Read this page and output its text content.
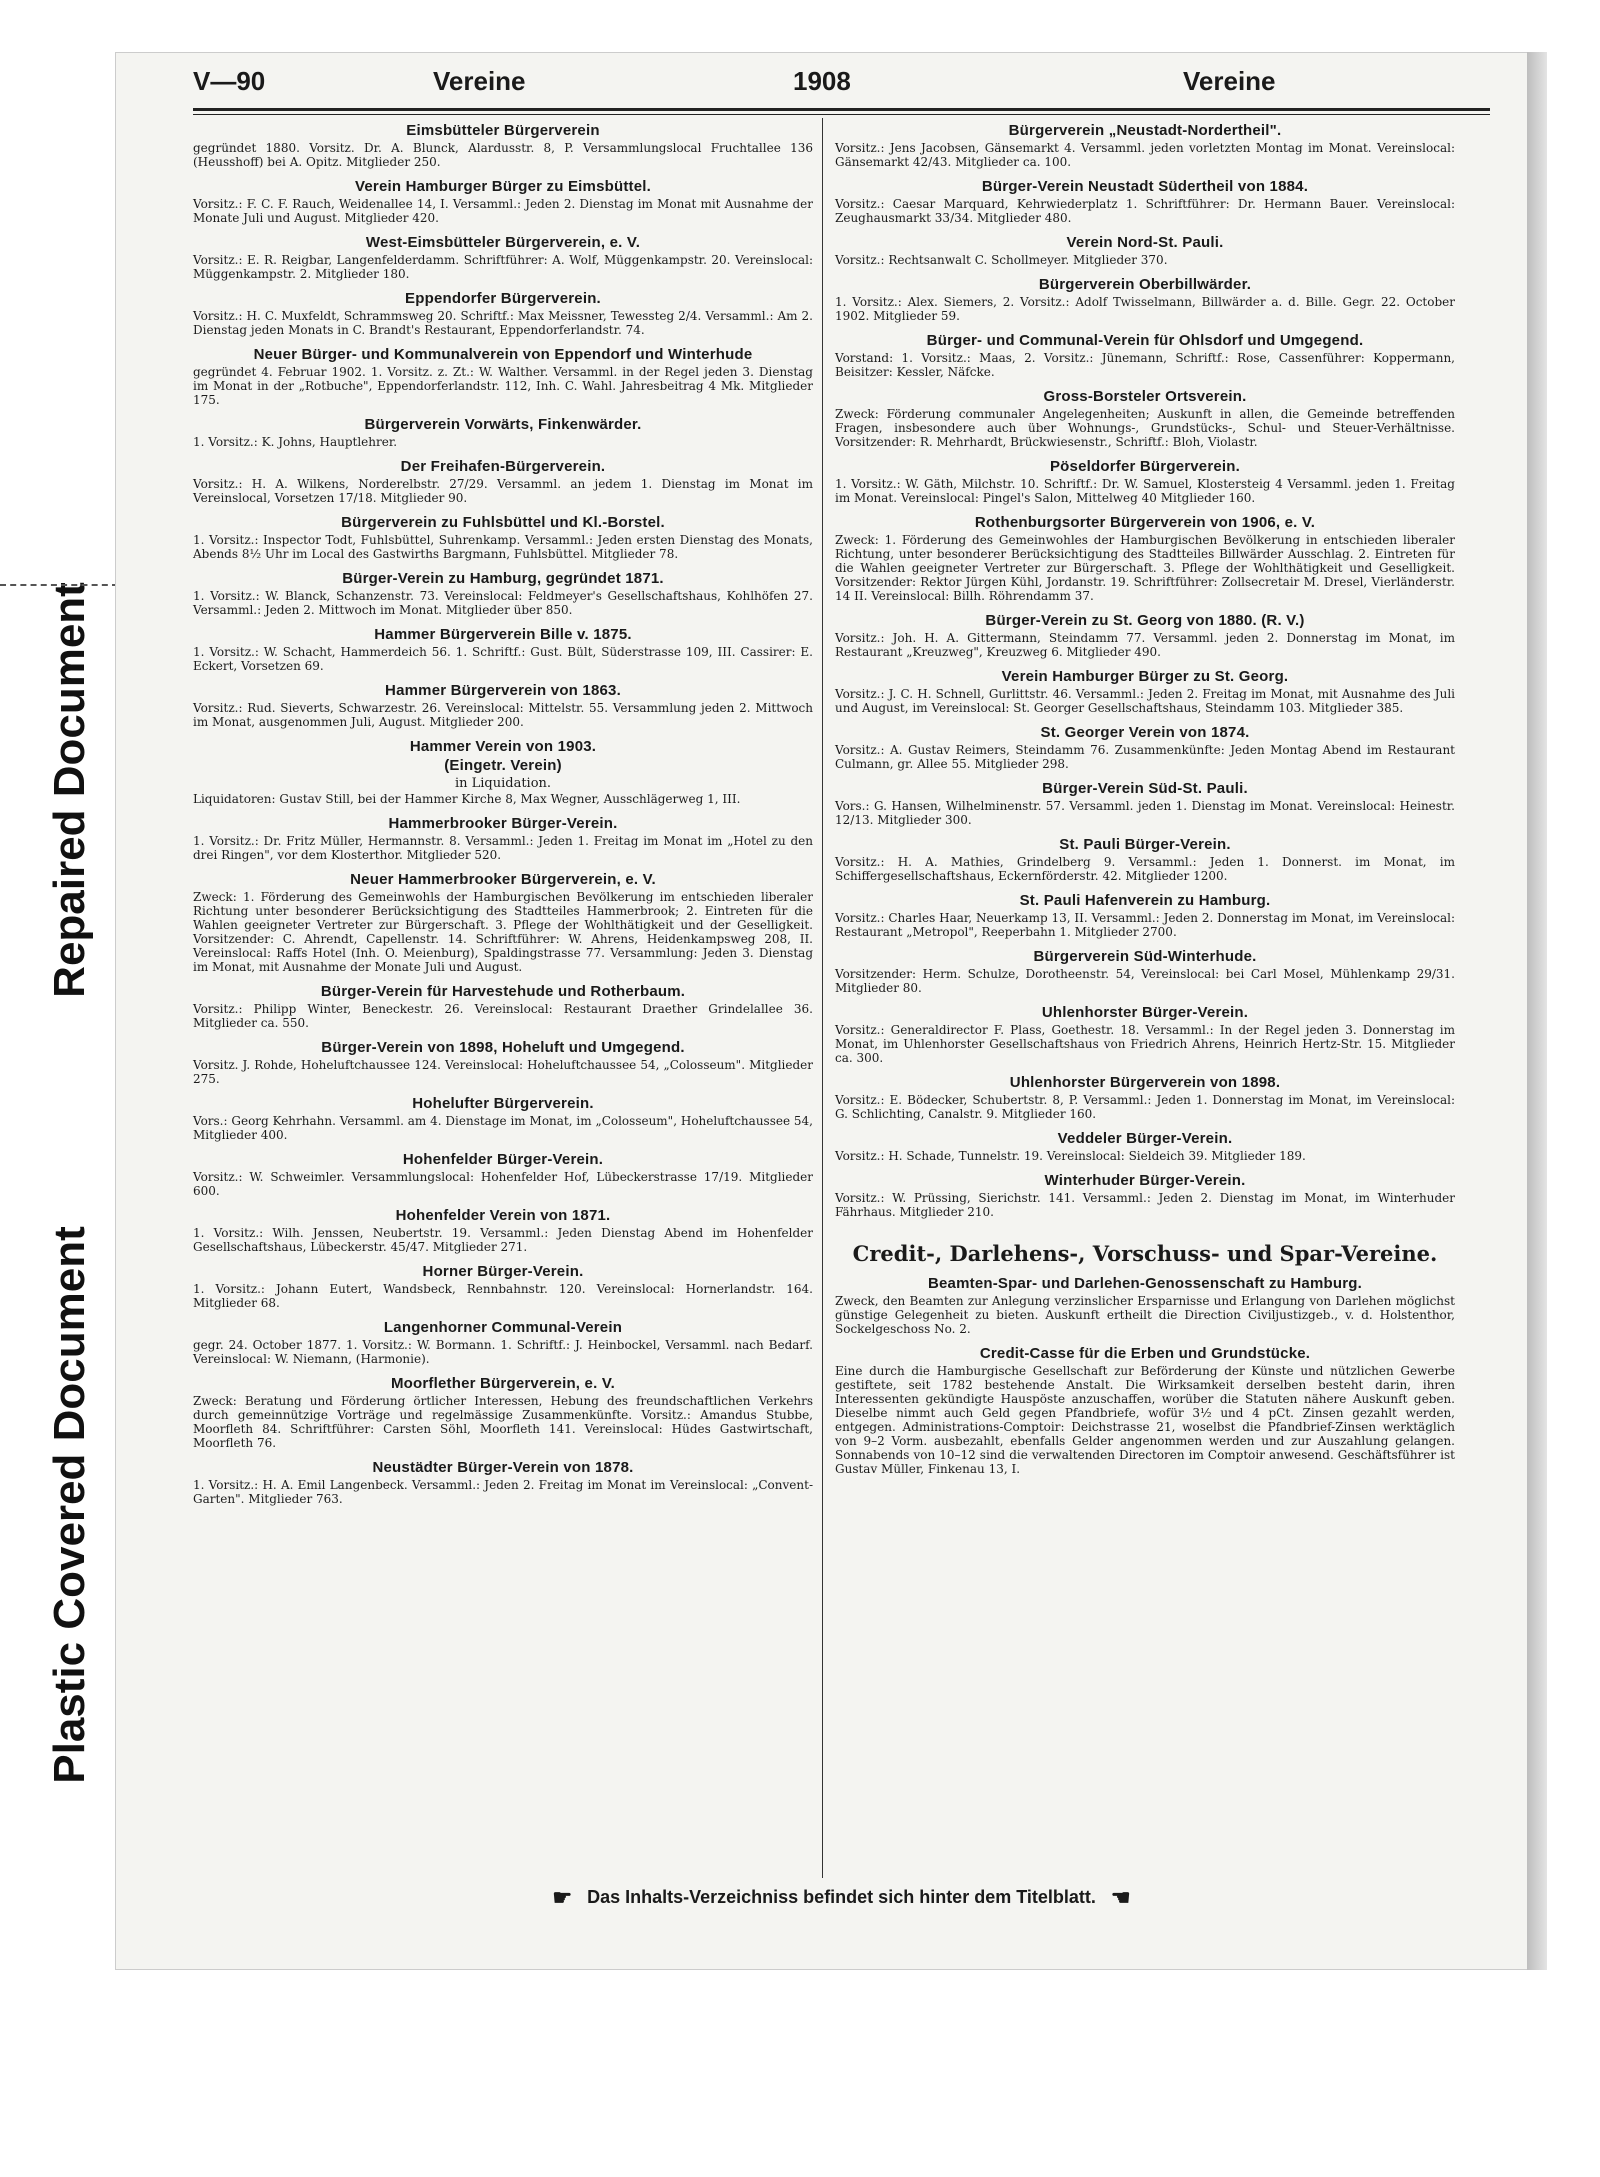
Repaired Document
Plastic Covered Document
V—90	Vereine	1908	Vereine
Eimsbütteler Bürgerverein

gegründet 1880. Vorsitz. Dr. A. Blunck, Alardusstr. 8, P. Versammlungslocal Fruchtallee 136 (Heusshoff) bei A. Opitz. Mitglieder 250.

Verein Hamburger Bürger zu Eimsbüttel.

Vorsitz.: F. C. F. Rauch, Weidenallee 14, I. Versamml.: Jeden 2. Dienstag im Monat mit Ausnahme der Monate Juli und August. Mitglieder 420.

West-Eimsbütteler Bürgerverein, e. V.

Vorsitz.: E. R. Reigbar, Langenfelderdamm. Schriftführer: A. Wolf, Müggenkampstr. 20. Vereinslocal: Müggenkampstr. 2. Mitglieder 180.

Eppendorfer Bürgerverein.

Vorsitz.: H. C. Muxfeldt, Schrammsweg 20. Schriftf.: Max Meissner, Tewessteg 2/4. Versamml.: Am 2. Dienstag jeden Monats in C. Brandt's Restaurant, Eppendorferlandstr. 74.

Neuer Bürger- und Kommunalverein von Eppendorf und Winterhude

gegründet 4. Februar 1902. 1. Vorsitz. z. Zt.: W. Walther. Versamml. in der Regel jeden 3. Dienstag im Monat in der „Rotbuche", Eppendorferlandstr. 112, Inh. C. Wahl. Jahresbeitrag 4 Mk. Mitglieder 175.

Bürgerverein Vorwärts, Finkenwärder.

1. Vorsitz.: K. Johns, Hauptlehrer.

Der Freihafen-Bürgerverein.

Vorsitz.: H. A. Wilkens, Norderelbstr. 27/29. Versamml. an jedem 1. Dienstag im Monat im Vereinslocal, Vorsetzen 17/18. Mitglieder 90.

Bürgerverein zu Fuhlsbüttel und Kl.-Borstel.

1. Vorsitz.: Inspector Todt, Fuhlsbüttel, Suhrenkamp. Versamml.: Jeden ersten Dienstag des Monats, Abends 8½ Uhr im Local des Gastwirths Bargmann, Fuhlsbüttel. Mitglieder 78.

Bürger-Verein zu Hamburg, gegründet 1871.

1. Vorsitz.: W. Blanck, Schanzenstr. 73. Vereinslocal: Feldmeyer's Gesellschaftshaus, Kohlhöfen 27. Versamml.: Jeden 2. Mittwoch im Monat. Mitglieder über 850.

Hammer Bürgerverein Bille v. 1875.

1. Vorsitz.: W. Schacht, Hammerdeich 56. 1. Schriftf.: Gust. Bült, Süderstrasse 109, III. Cassirer: E. Eckert, Vorsetzen 69.

Hammer Bürgerverein von 1863.

Vorsitz.: Rud. Sieverts, Schwarzestr. 26. Vereinslocal: Mittelstr. 55. Versammlung jeden 2. Mittwoch im Monat, ausgenommen Juli, August. Mitglieder 200.

Hammer Verein von 1903.
(Eingetr. Verein)
in Liquidation.

Liquidatoren: Gustav Still, bei der Hammer Kirche 8, Max Wegner, Ausschlägerweg 1, III.

Hammerbrooker Bürger-Verein.

1. Vorsitz.: Dr. Fritz Müller, Hermannstr. 8. Versamml.: Jeden 1. Freitag im Monat im „Hotel zu den drei Ringen", vor dem Klosterthor. Mitglieder 520.

Neuer Hammerbrooker Bürgerverein, e. V.

Zweck: 1. Förderung des Gemeinwohls der Hamburgischen Bevölkerung im entschieden liberaler Richtung unter besonderer Berücksichtigung des Stadtteiles Hammerbrook; 2. Eintreten für die Wahlen geeigneter Vertreter zur Bürgerschaft. 3. Pflege der Wohlthätigkeit und der Geselligkeit. Vorsitzender: C. Ahrendt, Capellenstr. 14. Schriftführer: W. Ahrens, Heidenkampsweg 208, II. Vereinslocal: Raffs Hotel (Inh. O. Meienburg), Spaldingstrasse 77. Versammlung: Jeden 3. Dienstag im Monat, mit Ausnahme der Monate Juli und August.

Bürger-Verein für Harvestehude und Rotherbaum.

Vorsitz.: Philipp Winter, Beneckestr. 26. Vereinslocal: Restaurant Draether Grindelallee 36. Mitglieder ca. 550.

Bürger-Verein von 1898, Hoheluft und Umgegend.

Vorsitz. J. Rohde, Hoheluftchaussee 124. Vereinslocal: Hoheluftchaussee 54, „Colosseum". Mitglieder 275.

Hohelufter Bürgerverein.

Vors.: Georg Kehrhahn. Versamml. am 4. Dienstage im Monat, im „Colosseum", Hoheluftchaussee 54, Mitglieder 400.

Hohenfelder Bürger-Verein.

Vorsitz.: W. Schweimler. Versammlungslocal: Hohenfelder Hof, Lübeckerstrasse 17/19. Mitglieder 600.

Hohenfelder Verein von 1871.

1. Vorsitz.: Wilh. Jenssen, Neubertstr. 19. Versamml.: Jeden Dienstag Abend im Hohenfelder Gesellschaftshaus, Lübeckerstr. 45/47. Mitglieder 271.

Horner Bürger-Verein.

1. Vorsitz.: Johann Eutert, Wandsbeck, Rennbahnstr. 120. Vereinslocal: Hornerlandstr. 164. Mitglieder 68.

Langenhorner Communal-Verein

gegr. 24. October 1877. 1. Vorsitz.: W. Bormann. 1. Schriftf.: J. Heinbockel, Versamml. nach Bedarf. Vereinslocal: W. Niemann, (Harmonie).

Moorflether Bürgerverein, e. V.

Zweck: Beratung und Förderung örtlicher Interessen, Hebung des freundschaftlichen Verkehrs durch gemeinnützige Vorträge und regelmässige Zusammenkünfte. Vorsitz.: Amandus Stubbe, Moorfleth 84. Schriftführer: Carsten Söhl, Moorfleth 141. Vereinslocal: Hüdes Gastwirtschaft, Moorfleth 76.

Neustädter Bürger-Verein von 1878.

1. Vorsitz.: H. A. Emil Langenbeck. Versamml.: Jeden 2. Freitag im Monat im Vereinslocal: „Convent-Garten". Mitglieder 763.

Bürgerverein „Neustadt-Nordertheil".

Vorsitz.: Jens Jacobsen, Gänsemarkt 4. Versamml. jeden vorletzten Montag im Monat. Vereinslocal: Gänsemarkt 42/43. Mitglieder ca. 100.

Bürger-Verein Neustadt Südertheil von 1884.

Vorsitz.: Caesar Marquard, Kehrwiederplatz 1. Schriftführer: Dr. Hermann Bauer. Vereinslocal: Zeughausmarkt 33/34. Mitglieder 480.

Verein Nord-St. Pauli.

Vorsitz.: Rechtsanwalt C. Schollmeyer. Mitglieder 370.

Bürgerverein Oberbillwärder.

1. Vorsitz.: Alex. Siemers, 2. Vorsitz.: Adolf Twisselmann, Billwärder a. d. Bille. Gegr. 22. October 1902. Mitglieder 59.

Bürger- und Communal-Verein für Ohlsdorf und Umgegend.

Vorstand: 1. Vorsitz.: Maas, 2. Vorsitz.: Jünemann, Schriftf.: Rose, Cassenführer: Koppermann, Beisitzer: Kessler, Näfcke.

Gross-Borsteler Ortsverein.

Zweck: Förderung communaler Angelegenheiten; Auskunft in allen, die Gemeinde betreffenden Fragen, insbesondere auch über Wohnungs-, Grundstücks-, Schul- und Steuer-Verhältnisse. Vorsitzender: R. Mehrhardt, Brückwiesenstr., Schriftf.: Bloh, Violastr.

Pöseldorfer Bürgerverein.

1. Vorsitz.: W. Gäth, Milchstr. 10. Schriftf.: Dr. W. Samuel, Klostersteig 4 Versamml. jeden 1. Freitag im Monat. Vereinslocal: Pingel's Salon, Mittelweg 40 Mitglieder 160.

Rothenburgsorter Bürgerverein von 1906, e. V.

Zweck: 1. Förderung des Gemeinwohles der Hamburgischen Bevölkerung in entschieden liberaler Richtung, unter besonderer Berücksichtigung des Stadtteiles Billwärder Ausschlag. 2. Eintreten für die Wahlen geeigneter Vertreter zur Bürgerschaft. 3. Pflege der Wohlthätigkeit und Geselligkeit. Vorsitzender: Rektor Jürgen Kühl, Jordanstr. 19. Schriftführer: Zollsecretair M. Dresel, Vierländerstr. 14 II. Vereinslocal: Billh. Röhrendamm 37.

Bürger-Verein zu St. Georg von 1880. (R. V.)

Vorsitz.: Joh. H. A. Gittermann, Steindamm 77. Versamml. jeden 2. Donnerstag im Monat, im Restaurant „Kreuzweg", Kreuzweg 6. Mitglieder 490.

Verein Hamburger Bürger zu St. Georg.

Vorsitz.: J. C. H. Schnell, Gurlittstr. 46. Versamml.: Jeden 2. Freitag im Monat, mit Ausnahme des Juli und August, im Vereinslocal: St. Georger Gesellschaftshaus, Steindamm 103. Mitglieder 385.

St. Georger Verein von 1874.

Vorsitz.: A. Gustav Reimers, Steindamm 76. Zusammenkünfte: Jeden Montag Abend im Restaurant Culmann, gr. Allee 55. Mitglieder 298.

Bürger-Verein Süd-St. Pauli.

Vors.: G. Hansen, Wilhelminenstr. 57. Versamml. jeden 1. Dienstag im Monat. Vereinslocal: Heinestr. 12/13. Mitglieder 300.

St. Pauli Bürger-Verein.

Vorsitz.: H. A. Mathies, Grindelberg 9. Versamml.: Jeden 1. Donnerst. im Monat, im Schiffergesellschaftshaus, Eckernförderstr. 42. Mitglieder 1200.

St. Pauli Hafenverein zu Hamburg.

Vorsitz.: Charles Haar, Neuerkamp 13, II. Versamml.: Jeden 2. Donnerstag im Monat, im Vereinslocal: Restaurant „Metropol", Reeperbahn 1. Mitglieder 2700.

Bürgerverein Süd-Winterhude.

Vorsitzender: Herm. Schulze, Dorotheenstr. 54, Vereinslocal: bei Carl Mosel, Mühlenkamp 29/31. Mitglieder 80.

Uhlenhorster Bürger-Verein.

Vorsitz.: Generaldirector F. Plass, Goethestr. 18. Versamml.: In der Regel jeden 3. Donnerstag im Monat, im Uhlenhorster Gesellschaftshaus von Friedrich Ahrens, Heinrich Hertz-Str. 15. Mitglieder ca. 300.

Uhlenhorster Bürgerverein von 1898.

Vorsitz.: E. Bödecker, Schubertstr. 8, P. Versamml.: Jeden 1. Donnerstag im Monat, im Vereinslocal: G. Schlichting, Canalstr. 9. Mitglieder 160.

Veddeler Bürger-Verein.

Vorsitz.: H. Schade, Tunnelstr. 19. Vereinslocal: Sieldeich 39. Mitglieder 189.

Winterhuder Bürger-Verein.

Vorsitz.: W. Prüssing, Sierichstr. 141. Versamml.: Jeden 2. Dienstag im Monat, im Winterhuder Fährhaus. Mitglieder 210.

Credit-, Darlehens-, Vorschuss- und Spar-Vereine.
Beamten-Spar- und Darlehen-Genossenschaft zu Hamburg.

Zweck, den Beamten zur Anlegung verzinslicher Ersparnisse und Erlangung von Darlehen möglichst günstige Gelegenheit zu bieten. Auskunft ertheilt die Direction Civiljustizgeb., v. d. Holstenthor, Sockelgeschoss No. 2.

Credit-Casse für die Erben und Grundstücke.

Eine durch die Hamburgische Gesellschaft zur Beförderung der Künste und nützlichen Gewerbe gestiftete, seit 1782 bestehende Anstalt. Die Wirksamkeit derselben besteht darin, ihren Interessenten gekündigte Hauspöste anzuschaffen, worüber die Statuten nähere Auskunft geben. Dieselbe nimmt auch Geld gegen Pfandbriefe, wofür 3½ und 4 pCt. Zinsen gezahlt werden, entgegen. Administrations-Comptoir: Deichstrasse 21, woselbst die Pfandbrief-Zinsen werktäglich von 9–2 Vorm. ausbezahlt, ebenfalls Gelder angenommen werden und zur Auszahlung gelangen. Sonnabends von 10–12 sind die verwaltenden Directoren im Comptoir anwesend. Geschäftsführer ist Gustav Müller, Finkenau 13, I.

☛ Das Inhalts-Verzeichniss befindet sich hinter dem Titelblatt. ☚
